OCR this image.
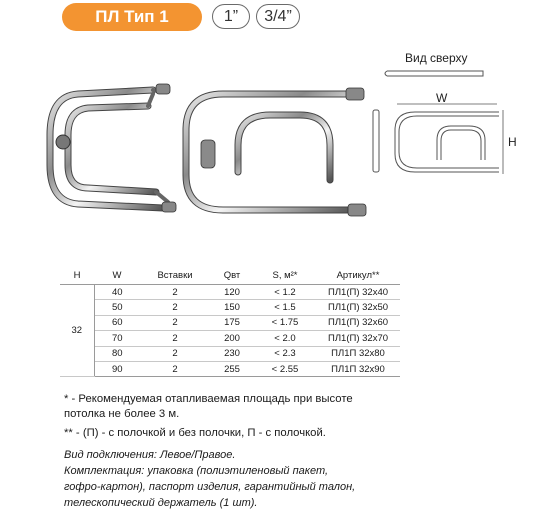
ПЛ Тип 1	1”	3/4”
Вид сверху
W
H
H	W	Вставки	Qвт	S, м²*	Артикул**
32	40	2	120	< 1.2	ПЛ1(П) 32х40
	50	2	150	< 1.5	ПЛ1(П) 32х50
	60	2	175	< 1.75	ПЛ1(П) 32х60
	70	2	200	< 2.0	ПЛ1(П) 32х70
	80	2	230	< 2.3	ПЛ1П 32х80
	90	2	255	< 2.55	ПЛ1П 32х90
* - Рекомендуемая отапливаемая площадь при высоте
потолка не более 3 м.
** - (П) - с полочкой и без полочки, П - с полочкой.
Вид подключения: Левое/Правое.
Комплектация: упаковка (полиэтиленовый пакет,
гофро-картон), паспорт изделия, гарантийный талон,
телескопический держатель (1 шт).
